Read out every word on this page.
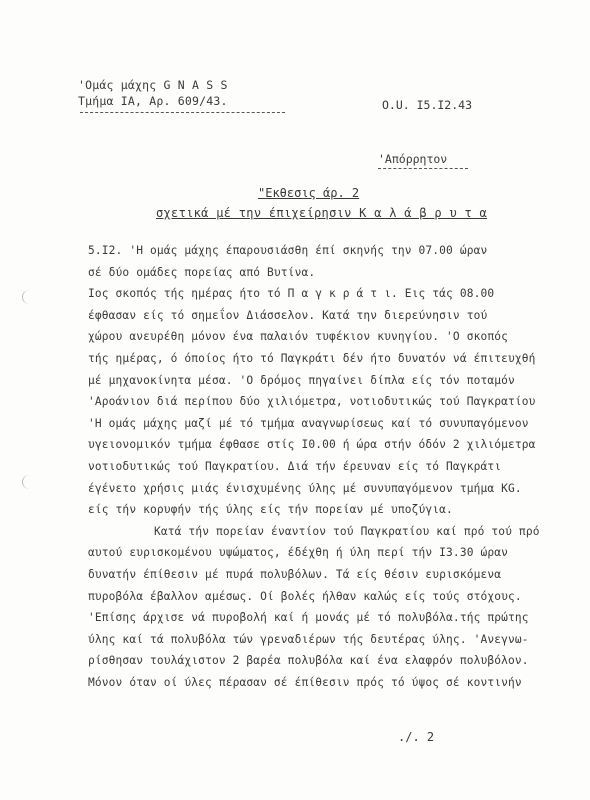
'Ομάς μάχης G N A S S
Τμήμα ΙΑ, Αρ. 609/43.	O.U. I5.I2.43
'Απόρρητον
"Εκθεσις άρ. 2
σχετικά μέ την έπιχείρησιν Κ α λ ά β ρ υ τ α
5.I2. 'Η ομάς μάχης έπαρουσιάσθη έπί σκηνής την 07.00 ώραν
σέ δύο ομάδες πορείας από Βυτίνα.
Ιος σκοπός τής ημέρας ήτο τό Π α γ κ ρ ά τ ι. Εις τάς 08.00
έφθασαν είς τό σημεΐον Διάσσελον. Κατά την διερεύνησιν τού
χώρου ανευρέθη μόνον ένα παλαιόν τυφέκιον κυνηγίου. 'Ο σκοπός
τής ημέρας, ό όποίος ήτο τό Παγκράτι δέν ήτο δυνατόν νά έπιτευχθή
μέ μηχανοκίνητα μέσα. 'Ο δρόμος πηγαίνει δίπλα είς τόν ποταμόν
'Αροάνιον διά περίπου δύο χιλιόμετρα, νοτιοδυτικώς τού Παγκρατίου
'Η ομάς μάχης μαζί μέ τό τμήμα αναγνωρίσεως καί τό συνυπαγόμενον
υγειονομικόν τμήμα έφθασε στίς I0.00 ή ώρα στήν όδόν 2 χιλιόμετρα
νοτιοδυτικώς τού Παγκρατίου. Διά τήν έρευναν είς τό Παγκράτι
έγένετο χρήσις μιάς ένισχυμένης ύλης μέ συνυπαγόμενον τμήμα KG.
είς τήν κορυφήν τής ύλης είς τήν πορείαν μέ υποζύγια.
Κατά τήν πορείαν έναντίον τού Παγκρατίου καί πρό τού πρό
αυτού ευρισκομένου υψώματος, έδέχθη ή ύλη περί τήν I3.30 ώραν
δυνατήν έπίθεσιν μέ πυρά πολυβόλων. Τά είς θέσιν ευρισκόμενα
πυροβόλα έβαλλον αμέσως. Οί βολές ήλθαν καλώς είς τούς στόχους.
'Επίσης άρχισε νά πυροβολή καί ή μονάς μέ τό πολυβόλα.τής πρώτης
ύλης καί τά πολυβόλα τών γρεναδιέρων τής δευτέρας ύλης. 'Ανεγνω-
ρίσθησαν τουλάχιστον 2 βαρέα πολυβόλα καί ένα ελαφρόν πολυβόλον.
Μόνον όταν οί ύλες πέρασαν σέ έπίθεσιν πρός τό ύψος σέ κοντινήν
./. 2
